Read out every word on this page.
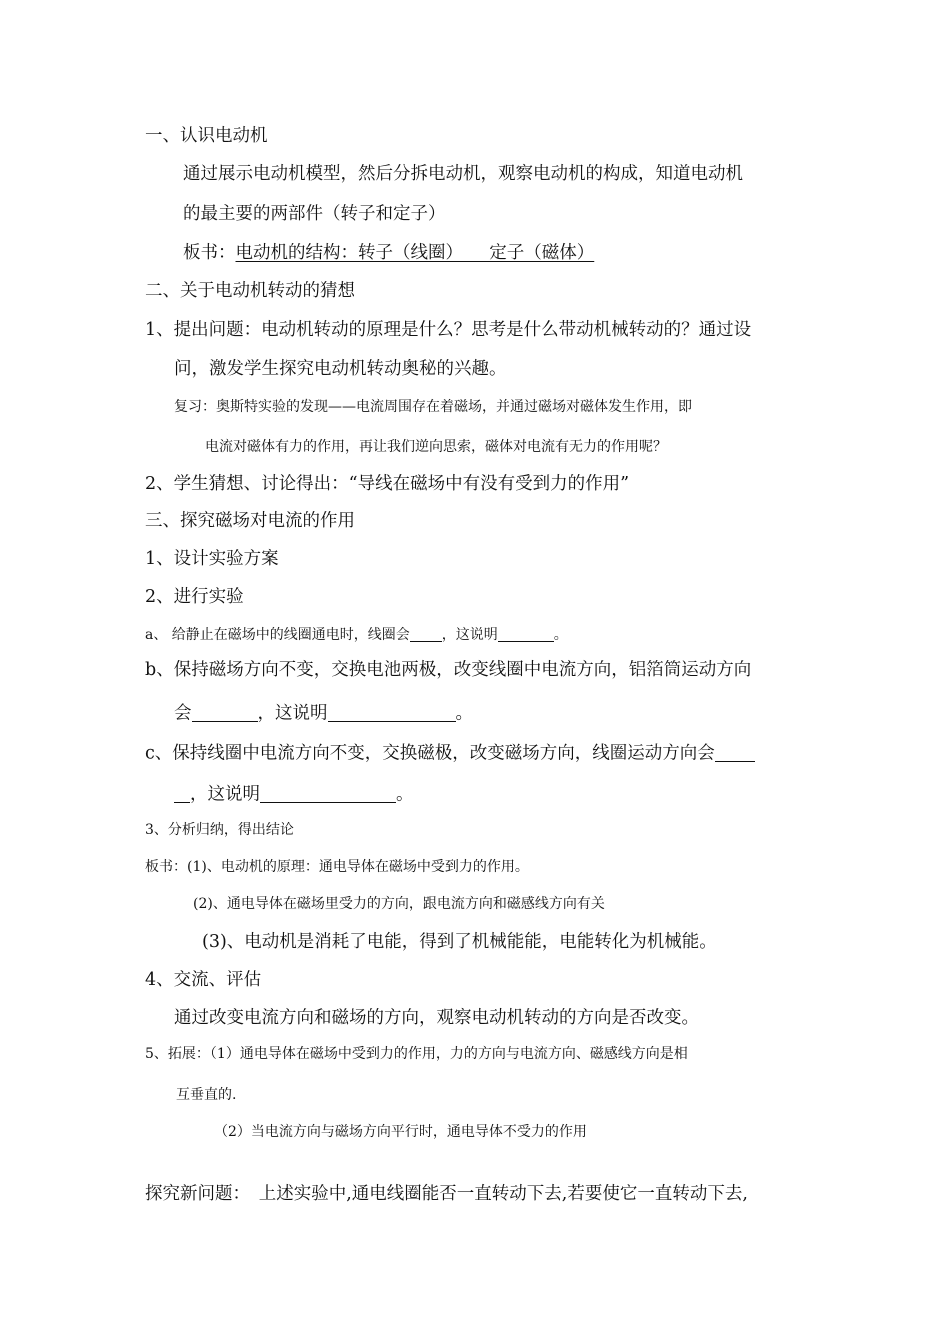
一、认识电动机
通过展示电动机模型，然后分拆电动机，观察电动机的构成，知道电动机
的最主要的两部件（转子和定子）
板书：电动机的结构：转子（线圈）　　定子（磁体）
二、关于电动机转动的猜想
1、提出问题：电动机转动的原理是什么？思考是什么带动机械转动的？通过设
问，激发学生探究电动机转动奥秘的兴趣。
复习：奥斯特实验的发现——电流周围存在着磁场，并通过磁场对磁体发生作用，即
电流对磁体有力的作用，再让我们逆向思索，磁体对电流有无力的作用呢？
2、学生猜想、讨论得出：“导线在磁场中有没有受到力的作用”
三、探究磁场对电流的作用
1、设计实验方案
2、进行实验
a、 给静止在磁场中的线圈通电时，线圈会 ，这说明	。
b、保持磁场方向不变，交换电池两极，改变线圈中电流方向，铝箔筒运动方向
会	，这说明	。
c、保持线圈中电流方向不变，交换磁极，改变磁场方向，线圈运动方向会
，这说明	。
3、分析归纳，得出结论
板书：(1)、电动机的原理：通电导体在磁场中受到力的作用。
(2)、通电导体在磁场里受力的方向，跟电流方向和磁感线方向有关
(3)、电动机是消耗了电能，得到了机械能能，电能转化为机械能。
4、交流、评估
通过改变电流方向和磁场的方向，观察电动机转动的方向是否改变。
5、拓展：（1）通电导体在磁场中受到力的作用，力的方向与电流方向、磁感线方向是相
互垂直的.
（2）当电流方向与磁场方向平行时，通电导体不受力的作用
探究新问题：　上述实验中,通电线圈能否一直转动下去,若要使它一直转动下去,
